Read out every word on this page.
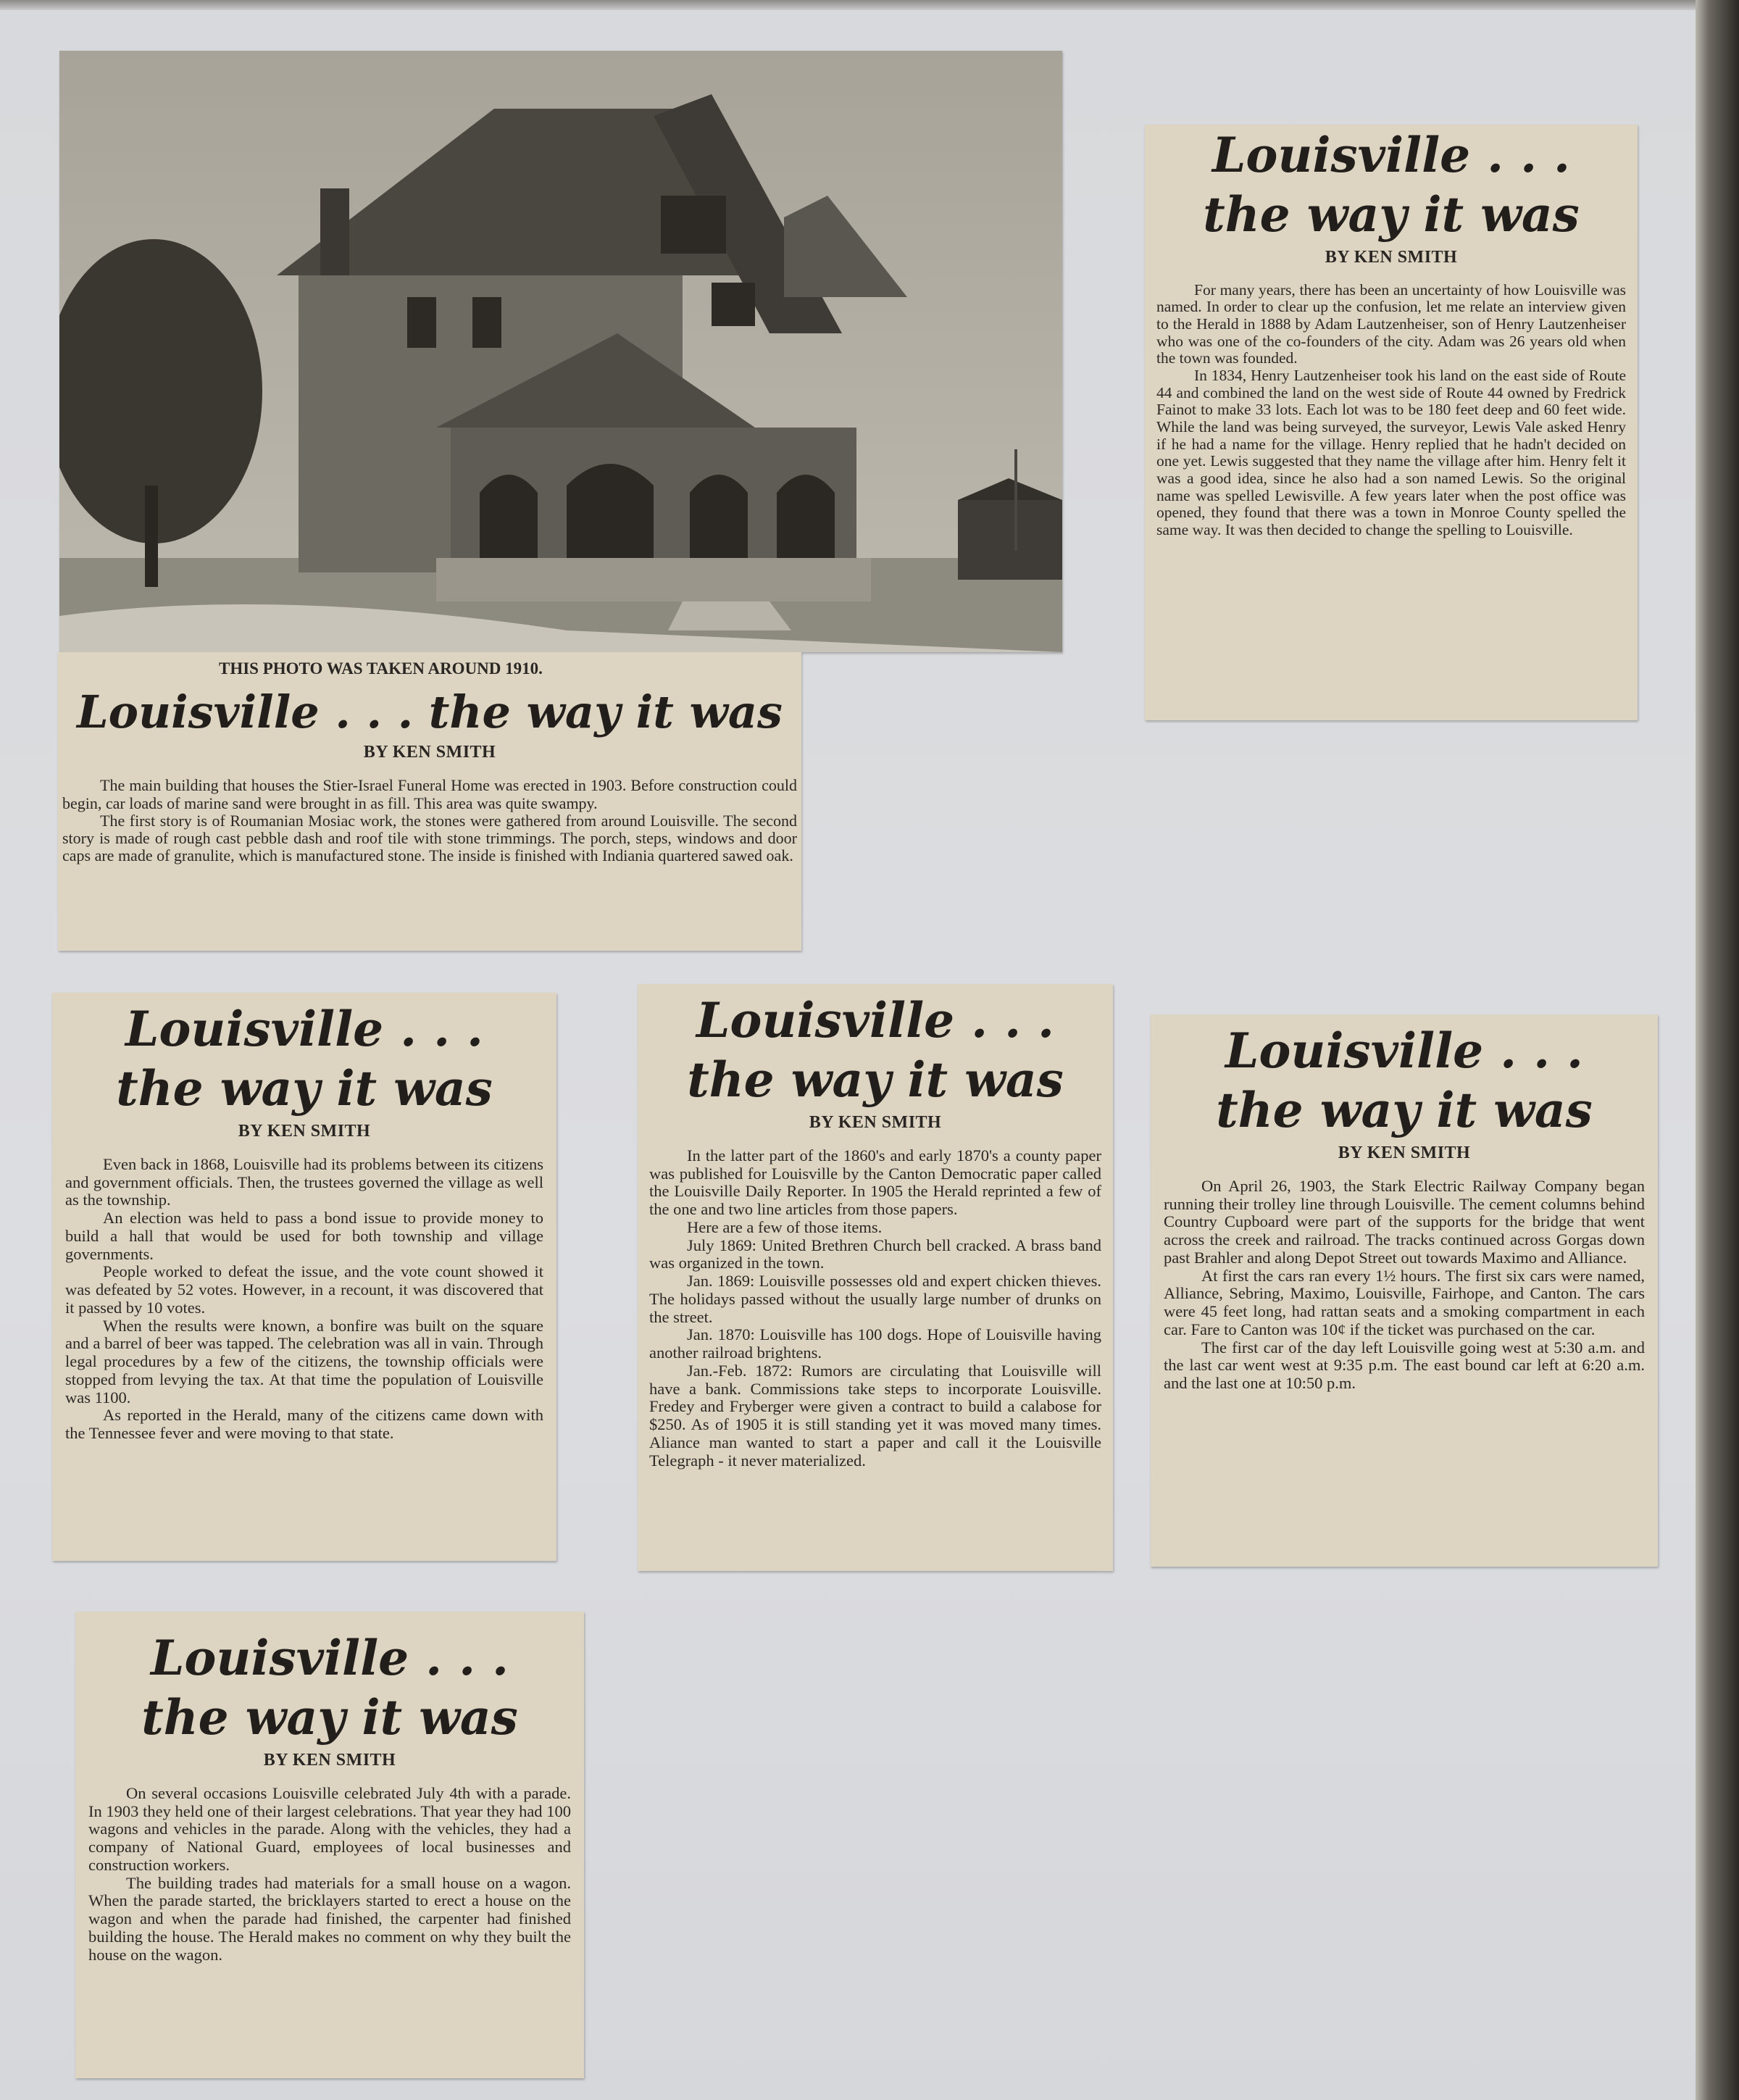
THIS PHOTO WAS TAKEN AROUND 1910.
Louisville . . . the way it was
BY KEN SMITH

The main building that houses the Stier-Israel Funeral Home was erected in 1903. Before construction could begin, car loads of marine sand were brought in as fill. This area was quite swampy.

The first story is of Roumanian Mosiac work, the stones were gathered from around Louisville. The second story is made of rough cast pebble dash and roof tile with stone trimmings. The porch, steps, windows and door caps are made of granulite, which is manufactured stone. The inside is finished with Indiania quartered sawed oak.

Louisville . . .
the way it was
BY KEN SMITH

For many years, there has been an uncertainty of how Louisville was named. In order to clear up the confusion, let me relate an interview given to the Herald in 1888 by Adam Lautzenheiser, son of Henry Lautzenheiser who was one of the co-founders of the city. Adam was 26 years old when the town was founded.

In 1834, Henry Lautzenheiser took his land on the east side of Route 44 and combined the land on the west side of Route 44 owned by Fredrick Fainot to make 33 lots. Each lot was to be 180 feet deep and 60 feet wide. While the land was being surveyed, the surveyor, Lewis Vale asked Henry if he had a name for the village. Henry replied that he hadn't decided on one yet. Lewis suggested that they name the village after him. Henry felt it was a good idea, since he also had a son named Lewis. So the original name was spelled Lewisville. A few years later when the post office was opened, they found that there was a town in Monroe County spelled the same way. It was then decided to change the spelling to Louisville.

Louisville . . .
the way it was
BY KEN SMITH

Even back in 1868, Louisville had its problems between its citizens and government officials. Then, the trustees governed the village as well as the township.

An election was held to pass a bond issue to provide money to build a hall that would be used for both township and village governments.

People worked to defeat the issue, and the vote count showed it was defeated by 52 votes. However, in a recount, it was discovered that it passed by 10 votes.

When the results were known, a bonfire was built on the square and a barrel of beer was tapped. The celebration was all in vain. Through legal procedures by a few of the citizens, the township officials were stopped from levying the tax. At that time the population of Louisville was 1100.

As reported in the Herald, many of the citizens came down with the Tennessee fever and were moving to that state.

Louisville . . .
the way it was
BY KEN SMITH

In the latter part of the 1860's and early 1870's a county paper was published for Louisville by the Canton Democratic paper called the Louisville Daily Reporter. In 1905 the Herald reprinted a few of the one and two line articles from those papers.

Here are a few of those items.

July 1869: United Brethren Church bell cracked. A brass band was organized in the town.

Jan. 1869: Louisville possesses old and expert chicken thieves. The holidays passed without the usually large number of drunks on the street.

Jan. 1870: Louisville has 100 dogs. Hope of Louisville having another railroad brightens.

Jan.-Feb. 1872: Rumors are circulating that Louisville will have a bank. Commissions take steps to incorporate Louisville. Fredey and Fryberger were given a contract to build a calabose for $250. As of 1905 it is still standing yet it was moved many times. Aliance man wanted to start a paper and call it the Louisville Telegraph - it never materialized.

Louisville . . .
the way it was
BY KEN SMITH

On April 26, 1903, the Stark Electric Railway Company began running their trolley line through Louisville. The cement columns behind Country Cupboard were part of the supports for the bridge that went across the creek and railroad. The tracks continued across Gorgas down past Brahler and along Depot Street out towards Maximo and Alliance.

At first the cars ran every 1½ hours. The first six cars were named, Alliance, Sebring, Maximo, Louisville, Fairhope, and Canton. The cars were 45 feet long, had rattan seats and a smoking compartment in each car. Fare to Canton was 10¢ if the ticket was purchased on the car.

The first car of the day left Louisville going west at 5:30 a.m. and the last car went west at 9:35 p.m. The east bound car left at 6:20 a.m. and the last one at 10:50 p.m.

Louisville . . .
the way it was
BY KEN SMITH

On several occasions Louisville celebrated July 4th with a parade. In 1903 they held one of their largest celebrations. That year they had 100 wagons and vehicles in the parade. Along with the vehicles, they had a company of National Guard, employees of local businesses and construction workers.

The building trades had materials for a small house on a wagon. When the parade started, the bricklayers started to erect a house on the wagon and when the parade had finished, the carpenter had finished building the house. The Herald makes no comment on why they built the house on the wagon.
